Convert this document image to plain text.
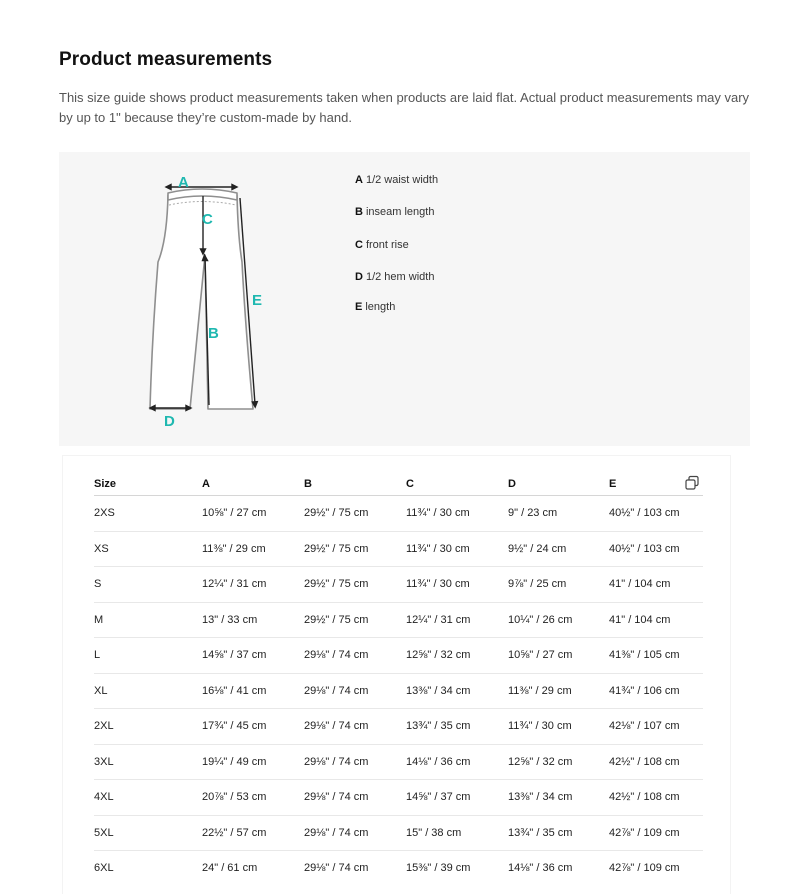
Product measurements

This size guide shows product measurements taken when products are laid flat. Actual product measurements may vary by up to 1" because they’re custom-made by hand.

A
B
C
D
E
A 1/2 waist width
B inseam length
C front rise
D 1/2 hem width
E length
Size	A	B	C	D	E
2XS	10⅝" / 27 cm	29½" / 75 cm	11¾" / 30 cm	9" / 23 cm	40½" / 103 cm
XS	11⅜" / 29 cm	29½" / 75 cm	11¾" / 30 cm	9½" / 24 cm	40½" / 103 cm
S	12¼" / 31 cm	29½" / 75 cm	11¾" / 30 cm	9⅞" / 25 cm	41" / 104 cm
M	13" / 33 cm	29½" / 75 cm	12¼" / 31 cm	10¼" / 26 cm	41" / 104 cm
L	14⅝" / 37 cm	29⅛" / 74 cm	12⅝" / 32 cm	10⅝" / 27 cm	41⅜" / 105 cm
XL	16⅛" / 41 cm	29⅛" / 74 cm	13⅜" / 34 cm	11⅜" / 29 cm	41¾" / 106 cm
2XL	17¾" / 45 cm	29⅛" / 74 cm	13¾" / 35 cm	11¾" / 30 cm	42⅛" / 107 cm
3XL	19¼" / 49 cm	29⅛" / 74 cm	14⅛" / 36 cm	12⅝" / 32 cm	42½" / 108 cm
4XL	20⅞" / 53 cm	29⅛" / 74 cm	14⅝" / 37 cm	13⅜" / 34 cm	42½" / 108 cm
5XL	22½" / 57 cm	29⅛" / 74 cm	15" / 38 cm	13¾" / 35 cm	42⅞" / 109 cm
6XL	24" / 61 cm	29⅛" / 74 cm	15⅜" / 39 cm	14⅛" / 36 cm	42⅞" / 109 cm
